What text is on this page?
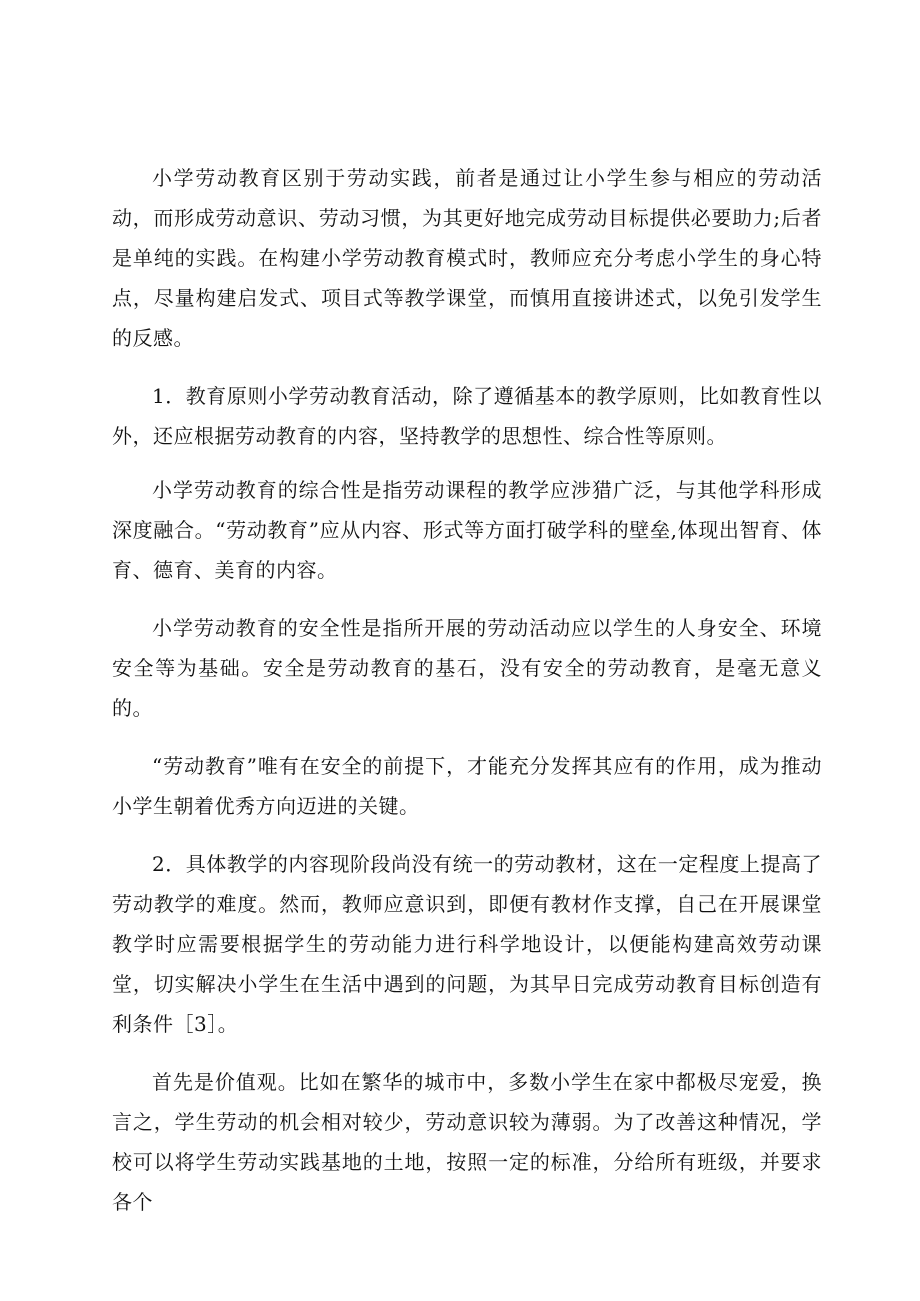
小学劳动教育区别于劳动实践，前者是通过让小学生参与相应的劳动活动，而形成劳动意识、劳动习惯，为其更好地完成劳动目标提供必要助力;后者是单纯的实践。在构建小学劳动教育模式时，教师应充分考虑小学生的身心特点，尽量构建启发式、项目式等教学课堂，而慎用直接讲述式，以免引发学生的反感。

1．教育原则小学劳动教育活动，除了遵循基本的教学原则，比如教育性以外，还应根据劳动教育的内容，坚持教学的思想性、综合性等原则。

小学劳动教育的综合性是指劳动课程的教学应涉猎广泛，与其他学科形成深度融合。“劳动教育”应从内容、形式等方面打破学科的壁垒,体现出智育、体育、德育、美育的内容。

小学劳动教育的安全性是指所开展的劳动活动应以学生的人身安全、环境安全等为基础。安全是劳动教育的基石，没有安全的劳动教育，是毫无意义的。

“劳动教育”唯有在安全的前提下，才能充分发挥其应有的作用，成为推动小学生朝着优秀方向迈进的关键。

2．具体教学的内容现阶段尚没有统一的劳动教材，这在一定程度上提高了劳动教学的难度。然而，教师应意识到，即便有教材作支撑，自己在开展课堂教学时应需要根据学生的劳动能力进行科学地设计，以便能构建高效劳动课堂，切实解决小学生在生活中遇到的问题，为其早日完成劳动教育目标创造有利条件［3］。

首先是价值观。比如在繁华的城市中，多数小学生在家中都极尽宠爱，换言之，学生劳动的机会相对较少，劳动意识较为薄弱。为了改善这种情况，学校可以将学生劳动实践基地的土地，按照一定的标准，分给所有班级，并要求各个
